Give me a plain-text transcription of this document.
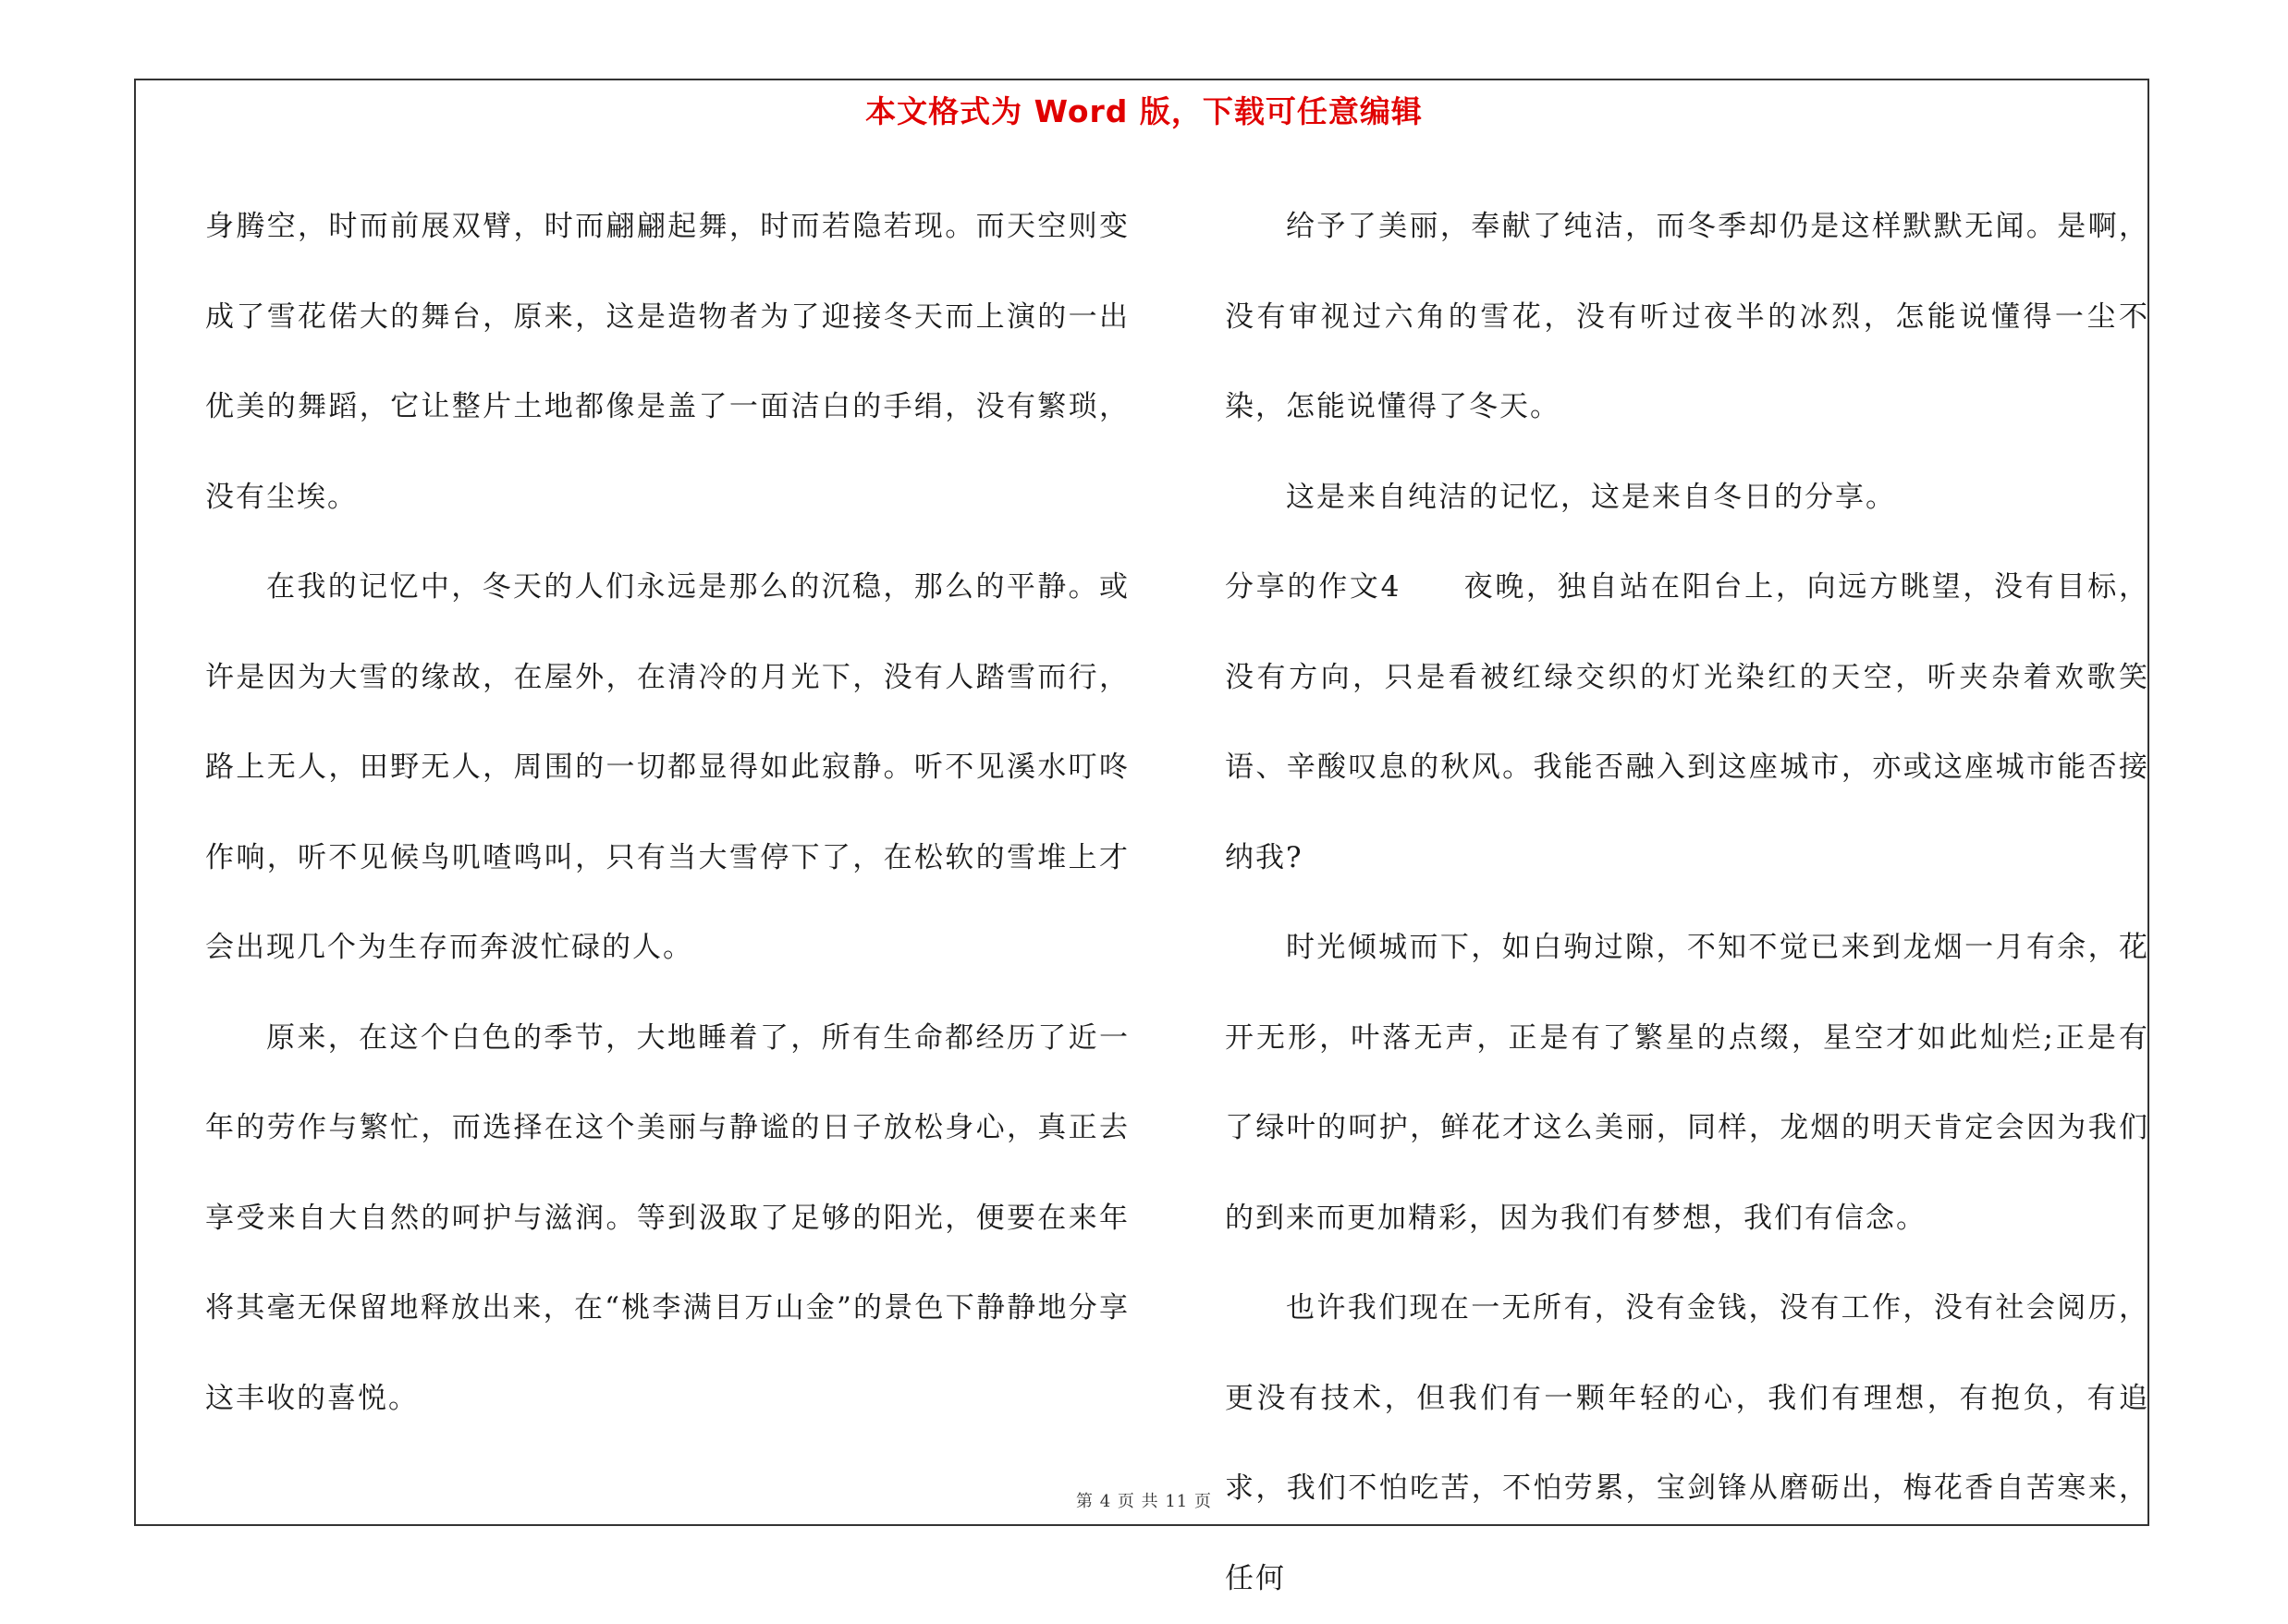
本文格式为 Word 版，下载可任意编辑

身腾空，时而前展双臂，时而翩翩起舞，时而若隐若现。而天空则变成了雪花偌大的舞台，原来，这是造物者为了迎接冬天而上演的一出优美的舞蹈，它让整片土地都像是盖了一面洁白的手绢，没有繁琐，没有尘埃。

在我的记忆中，冬天的人们永远是那么的沉稳，那么的平静。或许是因为大雪的缘故，在屋外，在清冷的月光下，没有人踏雪而行，路上无人，田野无人，周围的一切都显得如此寂静。听不见溪水叮咚作响，听不见候鸟叽喳鸣叫，只有当大雪停下了，在松软的雪堆上才会出现几个为生存而奔波忙碌的人。

原来，在这个白色的季节，大地睡着了，所有生命都经历了近一年的劳作与繁忙，而选择在这个美丽与静谧的日子放松身心，真正去享受来自大自然的呵护与滋润。等到汲取了足够的阳光，便要在来年将其毫无保留地释放出来，在“桃李满目万山金”的景色下静静地分享这丰收的喜悦。

给予了美丽，奉献了纯洁，而冬季却仍是这样默默无闻。是啊，没有审视过六角的雪花，没有听过夜半的冰烈，怎能说懂得一尘不染，怎能说懂得了冬天。

这是来自纯洁的记忆，这是来自冬日的分享。

分享的作文4　　夜晚，独自站在阳台上，向远方眺望，没有目标，没有方向，只是看被红绿交织的灯光染红的天空，听夹杂着欢歌笑语、辛酸叹息的秋风。我能否融入到这座城市，亦或这座城市能否接纳我?

时光倾城而下，如白驹过隙，不知不觉已来到龙烟一月有余，花开无形，叶落无声，正是有了繁星的点缀，星空才如此灿烂;正是有了绿叶的呵护，鲜花才这么美丽，同样，龙烟的明天肯定会因为我们的到来而更加精彩，因为我们有梦想，我们有信念。

也许我们现在一无所有，没有金钱，没有工作，没有社会阅历，更没有技术，但我们有一颗年轻的心，我们有理想，有抱负，有追求，我们不怕吃苦，不怕劳累，宝剑锋从磨砺出，梅花香自苦寒来，任何

第 4 页 共 11 页
